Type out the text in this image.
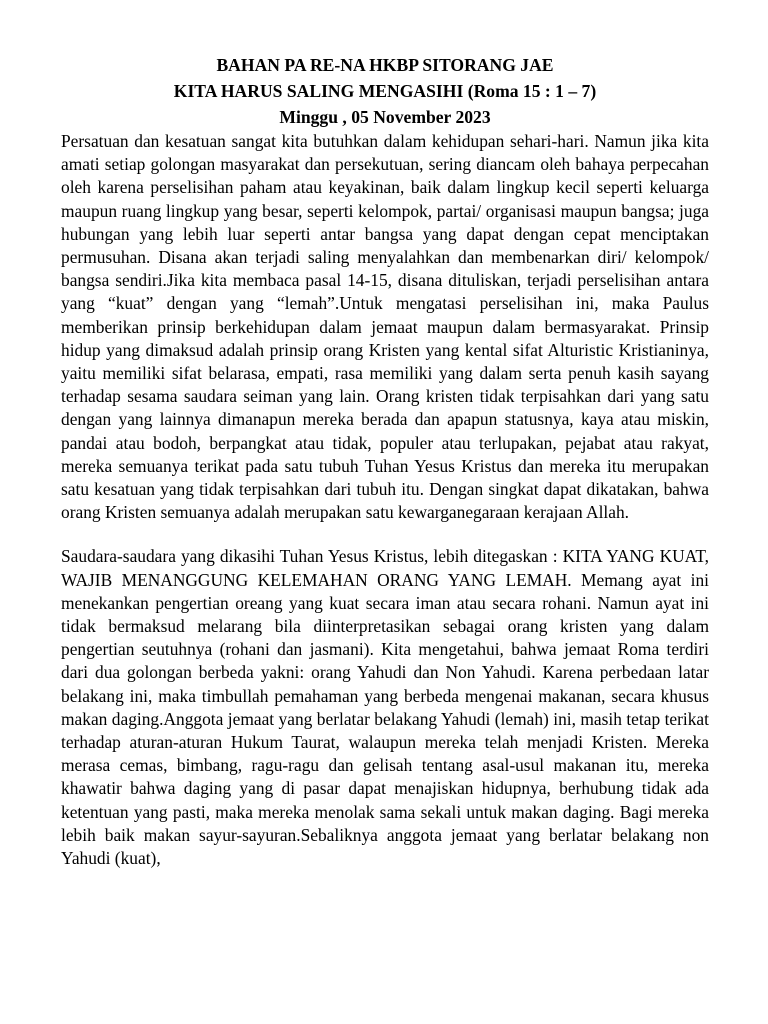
BAHAN PA RE-NA HKBP SITORANG JAE

KITA HARUS SALING MENGASIHI (Roma 15 : 1 – 7)

Minggu , 05 November 2023

Persatuan dan kesatuan sangat kita butuhkan dalam kehidupan sehari-hari. Namun jika kita amati setiap golongan masyarakat dan persekutuan, sering diancam oleh bahaya perpecahan oleh karena perselisihan paham atau keyakinan, baik dalam lingkup kecil seperti keluarga maupun ruang lingkup yang besar, seperti kelompok, partai/ organisasi maupun bangsa; juga hubungan yang lebih luar seperti antar bangsa yang dapat dengan cepat menciptakan permusuhan. Disana akan terjadi saling menyalahkan dan membenarkan diri/ kelompok/ bangsa sendiri.Jika kita membaca pasal 14-15, disana dituliskan, terjadi perselisihan antara yang “kuat” dengan yang “lemah”.Untuk mengatasi perselisihan ini, maka Paulus memberikan prinsip berkehidupan dalam jemaat maupun dalam bermasyarakat. Prinsip hidup yang dimaksud adalah prinsip orang Kristen yang kental sifat Alturistic Kristianinya, yaitu memiliki sifat belarasa, empati, rasa memiliki yang dalam serta penuh kasih sayang terhadap sesama saudara seiman yang lain. Orang kristen tidak terpisahkan dari yang satu dengan yang lainnya dimanapun mereka berada dan apapun statusnya, kaya atau miskin, pandai atau bodoh, berpangkat atau tidak, populer atau terlupakan, pejabat atau rakyat, mereka semuanya terikat pada satu tubuh Tuhan Yesus Kristus dan mereka itu merupakan satu kesatuan yang tidak terpisahkan dari tubuh itu. Dengan singkat dapat dikatakan, bahwa orang Kristen semuanya adalah merupakan satu kewarganegaraan kerajaan Allah.

Saudara-saudara yang dikasihi Tuhan Yesus Kristus, lebih ditegaskan : KITA YANG KUAT, WAJIB MENANGGUNG KELEMAHAN ORANG YANG LEMAH. Memang ayat ini menekankan pengertian oreang yang kuat secara iman atau secara rohani. Namun ayat ini tidak bermaksud melarang bila diinterpretasikan sebagai orang kristen yang dalam pengertian seutuhnya (rohani dan jasmani). Kita mengetahui, bahwa jemaat Roma terdiri dari dua golongan berbeda yakni: orang Yahudi dan Non Yahudi. Karena perbedaan latar belakang ini, maka timbullah pemahaman yang berbeda mengenai makanan, secara khusus makan daging.Anggota jemaat yang berlatar belakang Yahudi (lemah) ini, masih tetap terikat terhadap aturan-aturan Hukum Taurat, walaupun mereka telah menjadi Kristen. Mereka merasa cemas, bimbang, ragu-ragu dan gelisah tentang asal-usul makanan itu, mereka khawatir bahwa daging yang di pasar dapat menajiskan hidupnya, berhubung tidak ada ketentuan yang pasti, maka mereka menolak sama sekali untuk makan daging. Bagi mereka lebih baik makan sayur-sayuran.Sebaliknya anggota jemaat yang berlatar belakang non Yahudi (kuat),
